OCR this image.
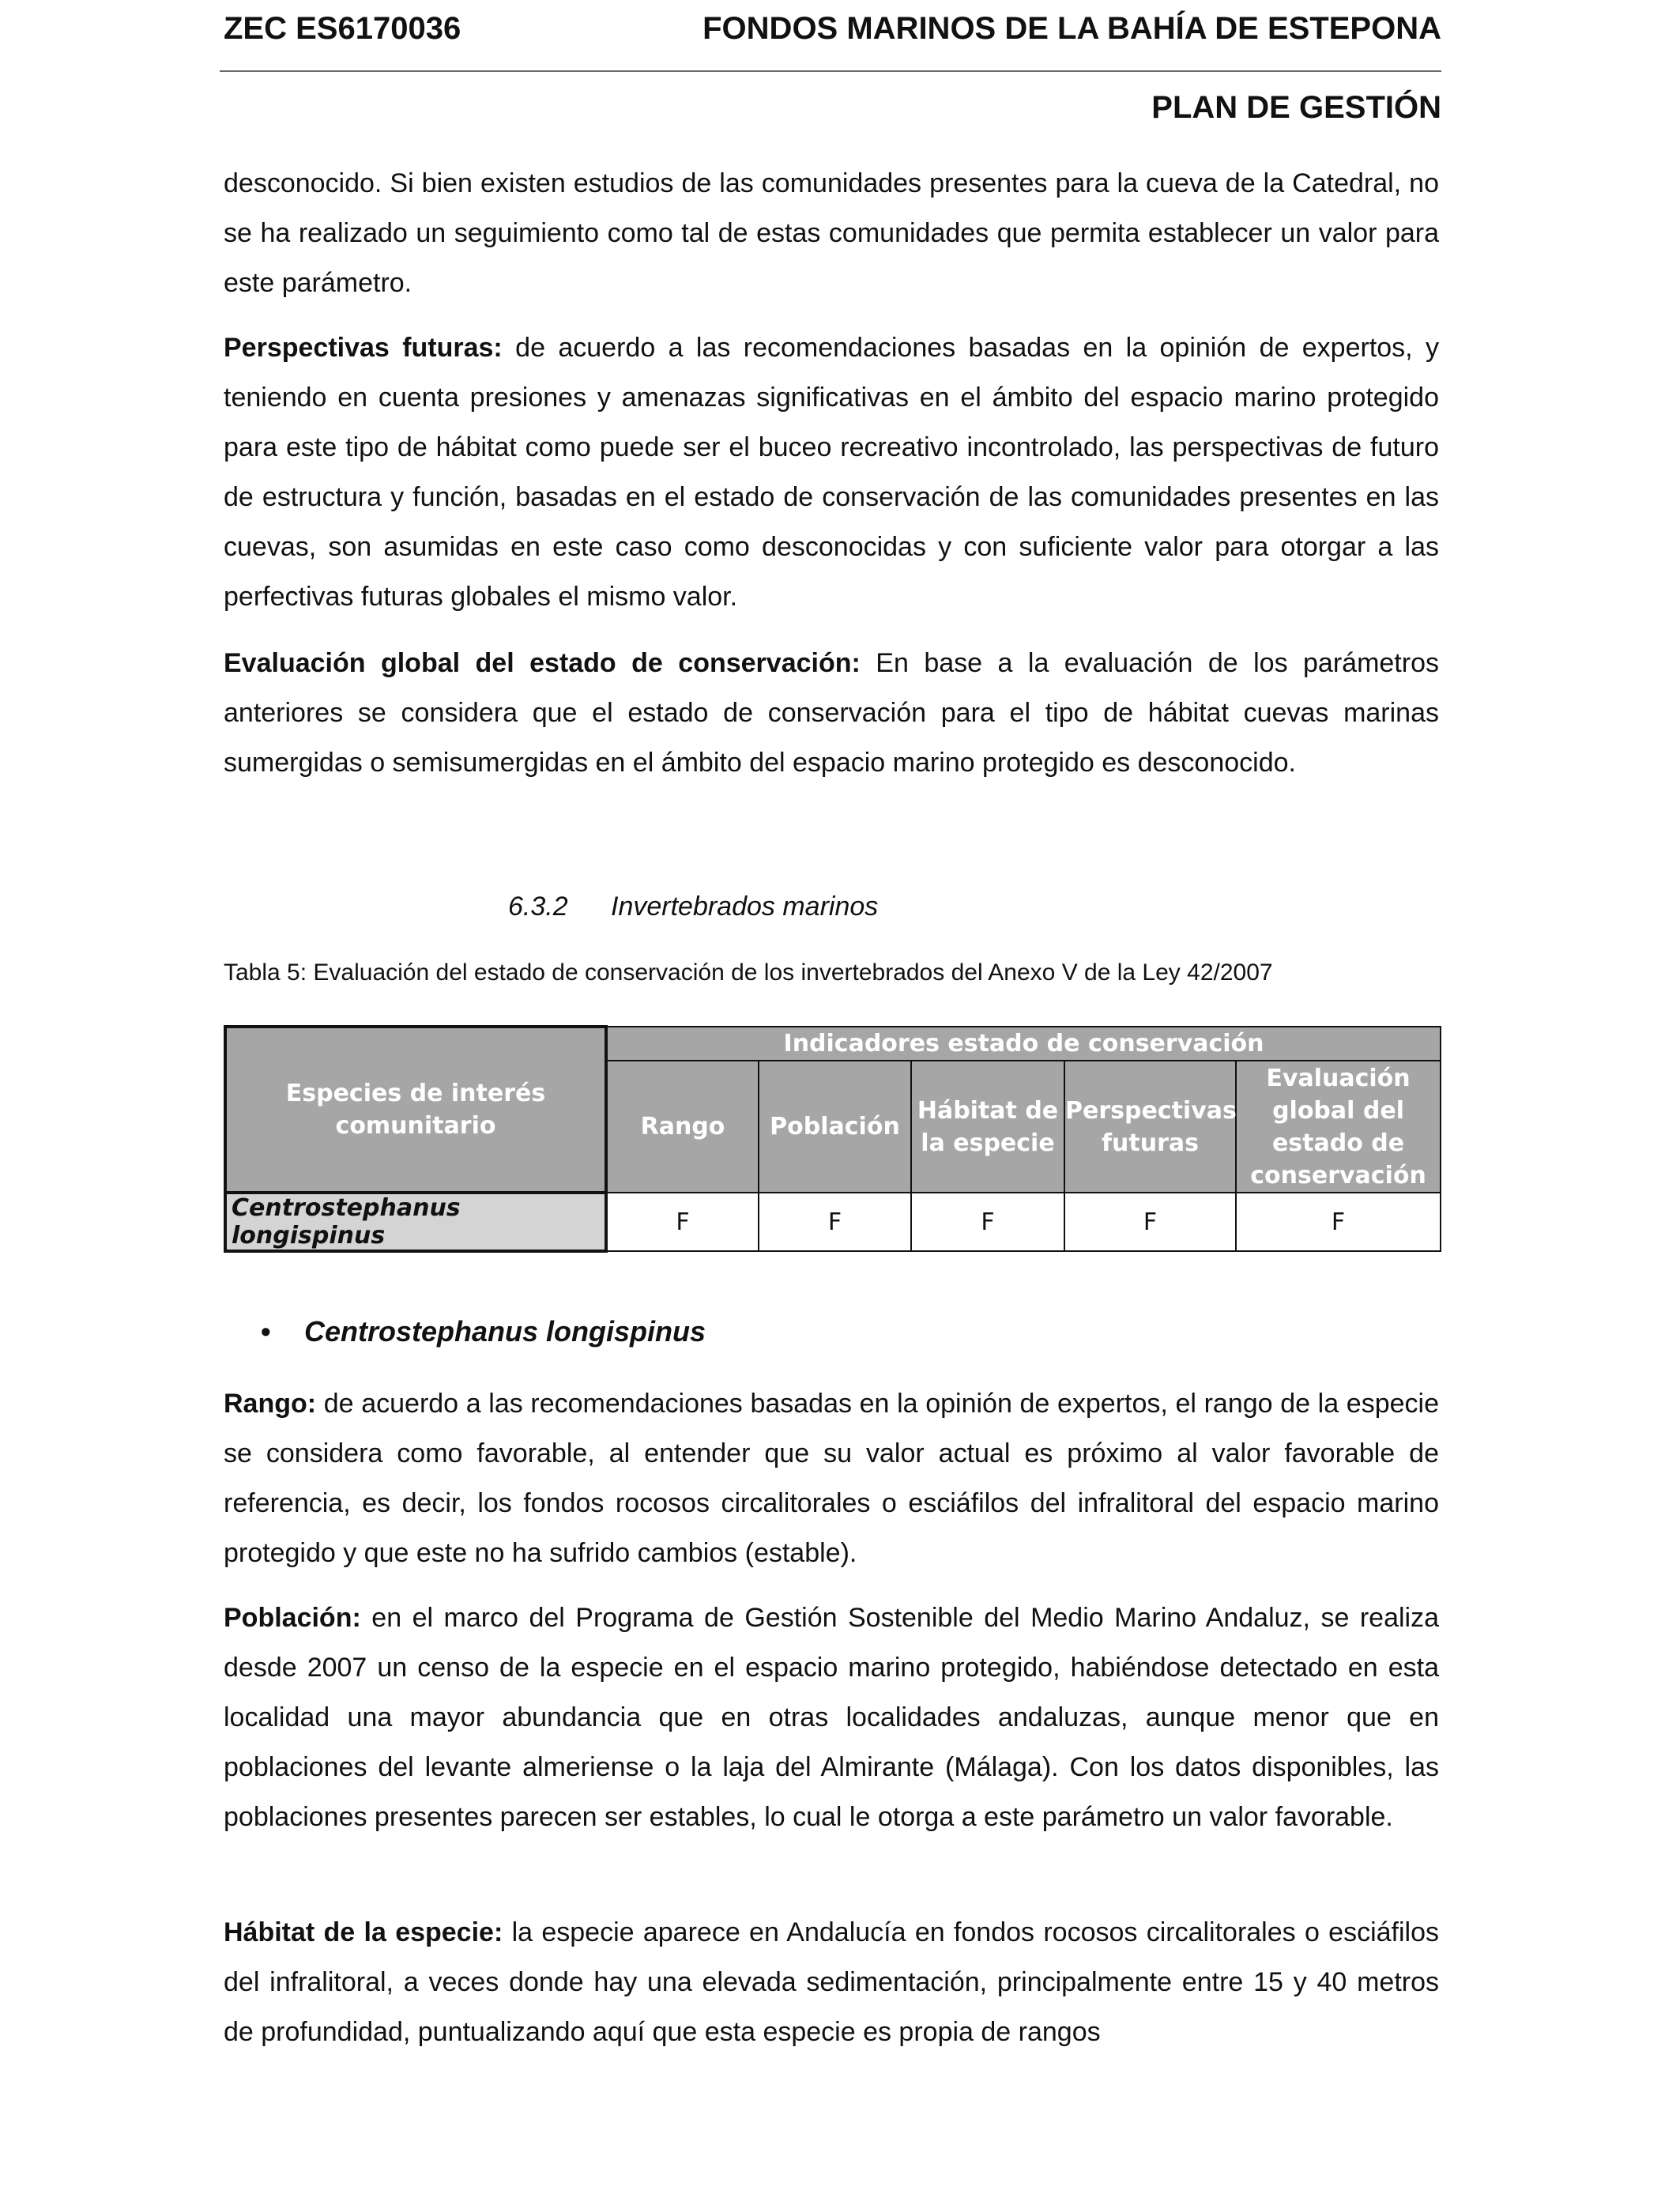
ZEC ES6170036	FONDOS MARINOS DE LA BAHÍA DE ESTEPONA
PLAN DE GESTIÓN

desconocido. Si bien existen estudios de las comunidades presentes para la cueva de la Catedral, no se ha realizado un seguimiento como tal de estas comunidades que permita establecer un valor para este parámetro.

Perspectivas futuras: de acuerdo a las recomendaciones basadas en la opinión de expertos, y teniendo en cuenta presiones y amenazas significativas en el ámbito del espacio marino protegido para este tipo de hábitat como puede ser el buceo recreativo incontrolado, las perspectivas de futuro de estructura y función, basadas en el estado de conservación de las comunidades presentes en las cuevas, son asumidas en este caso como desconocidas y con suficiente valor para otorgar a las perfectivas futuras globales el mismo valor.

Evaluación global del estado de conservación: En base a la evaluación de los parámetros anteriores se considera que el estado de conservación para el tipo de hábitat cuevas marinas sumergidas o semisumergidas en el ámbito del espacio marino protegido es desconocido.

6.3.2 Invertebrados marinos
Tabla 5: Evaluación del estado de conservación de los invertebrados del Anexo V de la Ley 42/2007
Especies de interés comunitario	Indicadores estado de conservación				
	Rango	Población	Hábitat de la especie	Perspectivas futuras	Evaluación global del estado de conservación
Centrostephanus longispinus	F	F	F	F	F
• Centrostephanus longispinus

Rango: de acuerdo a las recomendaciones basadas en la opinión de expertos, el rango de la especie se considera como favorable, al entender que su valor actual es próximo al valor favorable de referencia, es decir, los fondos rocosos circalitorales o esciáfilos del infralitoral del espacio marino protegido y que este no ha sufrido cambios (estable).

Población: en el marco del Programa de Gestión Sostenible del Medio Marino Andaluz, se realiza desde 2007 un censo de la especie en el espacio marino protegido, habiéndose detectado en esta localidad una mayor abundancia que en otras localidades andaluzas, aunque menor que en poblaciones del levante almeriense o la laja del Almirante (Málaga). Con los datos disponibles, las poblaciones presentes parecen ser estables, lo cual le otorga a este parámetro un valor favorable.

Hábitat de la especie: la especie aparece en Andalucía en fondos rocosos circalitorales o esciáfilos del infralitoral, a veces donde hay una elevada sedimentación, principalmente entre 15 y 40 metros de profundidad, puntualizando aquí que esta especie es propia de rangos
